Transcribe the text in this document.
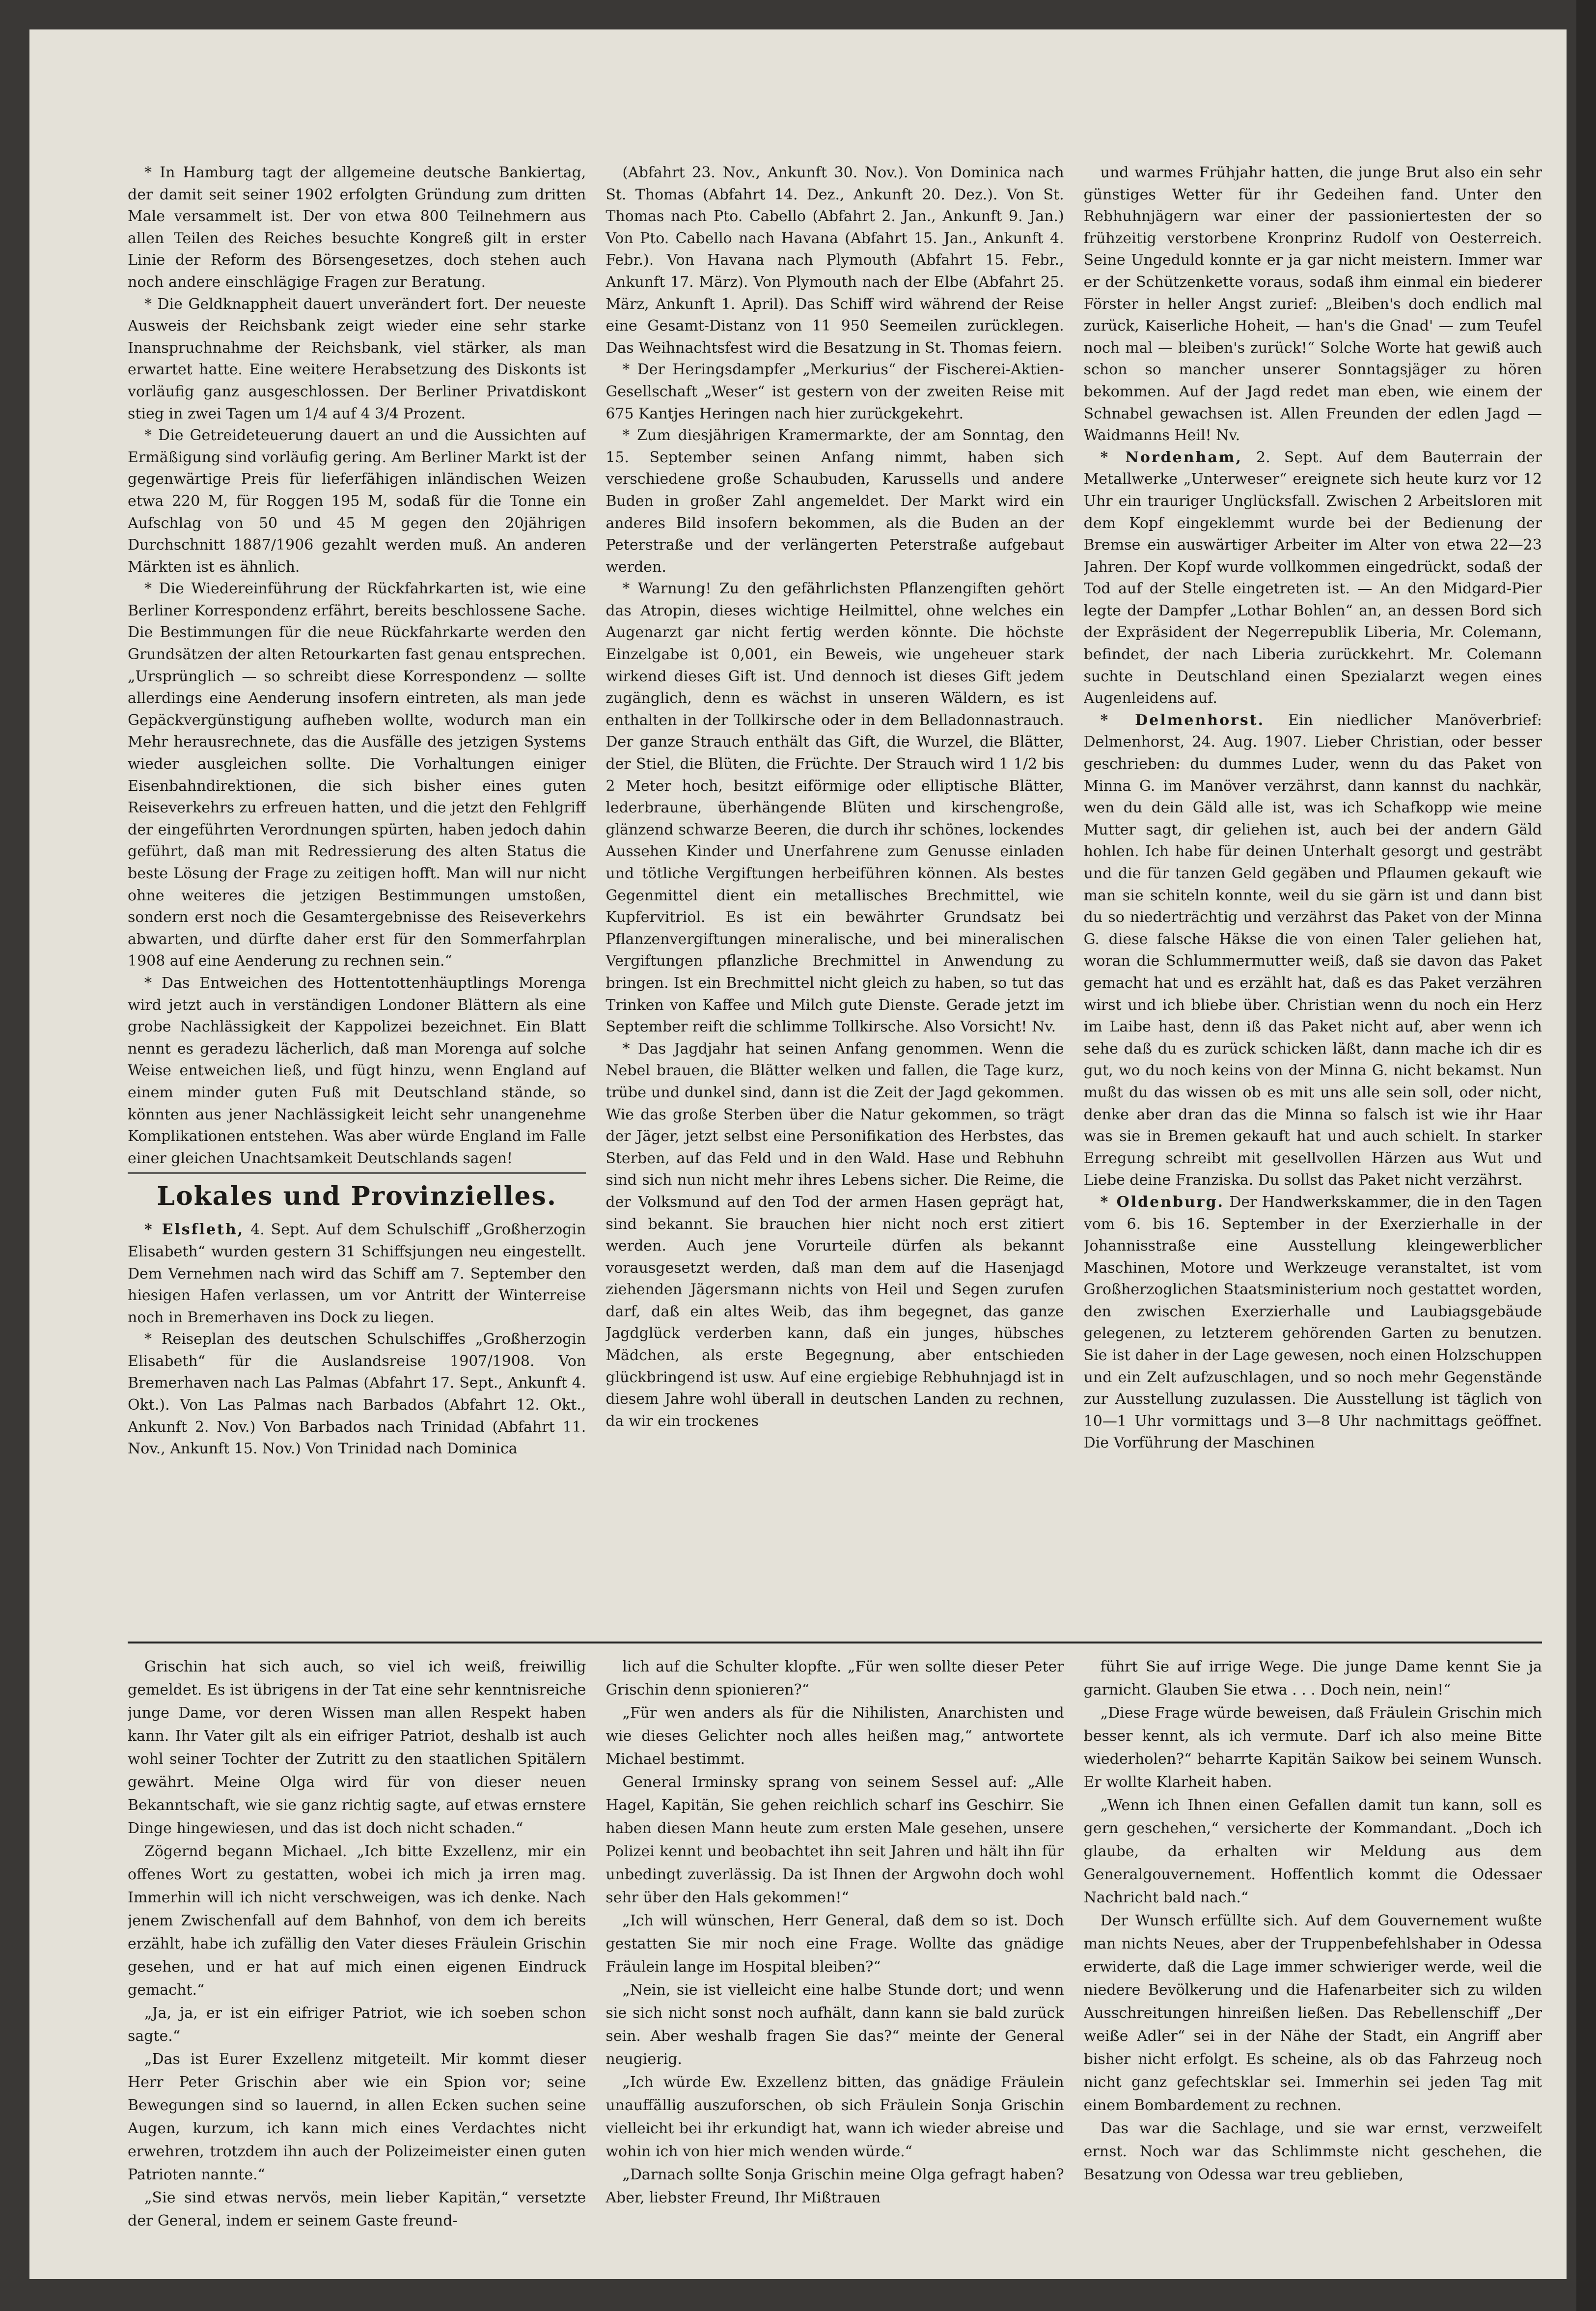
* In Hamburg tagt der allgemeine deutsche Bankiertag, der damit seit seiner 1902 erfolgten Gründung zum dritten Male versammelt ist. Der von etwa 800 Teilnehmern aus allen Teilen des Reiches besuchte Kongreß gilt in erster Linie der Reform des Börsengesetzes, doch stehen auch noch andere einschlägige Fragen zur Beratung.

* Die Geldknappheit dauert unverändert fort. Der neueste Ausweis der Reichsbank zeigt wieder eine sehr starke Inanspruchnahme der Reichsbank, viel stärker, als man erwartet hatte. Eine weitere Herabsetzung des Diskonts ist vorläufig ganz ausgeschlossen. Der Berliner Privatdiskont stieg in zwei Tagen um 1/4 auf 4 3/4 Prozent.

* Die Getreideteuerung dauert an und die Aussichten auf Ermäßigung sind vorläufig gering. Am Berliner Markt ist der gegenwärtige Preis für lieferfähigen inländischen Weizen etwa 220 M, für Roggen 195 M, sodaß für die Tonne ein Aufschlag von 50 und 45 M gegen den 20jährigen Durchschnitt 1887/1906 gezahlt werden muß. An anderen Märkten ist es ähnlich.

* Die Wiedereinführung der Rückfahrkarten ist, wie eine Berliner Korrespondenz erfährt, bereits beschlossene Sache. Die Bestimmungen für die neue Rückfahrkarte werden den Grundsätzen der alten Retourkarten fast genau entsprechen. „Ursprünglich — so schreibt diese Korrespondenz — sollte allerdings eine Aenderung insofern eintreten, als man jede Gepäckvergünstigung aufheben wollte, wodurch man ein Mehr herausrechnete, das die Ausfälle des jetzigen Systems wieder ausgleichen sollte. Die Vorhaltungen einiger Eisenbahndirektionen, die sich bisher eines guten Reiseverkehrs zu erfreuen hatten, und die jetzt den Fehlgriff der eingeführten Verordnungen spürten, haben jedoch dahin geführt, daß man mit Redressierung des alten Status die beste Lösung der Frage zu zeitigen hofft. Man will nur nicht ohne weiteres die jetzigen Bestimmungen umstoßen, sondern erst noch die Gesamtergebnisse des Reiseverkehrs abwarten, und dürfte daher erst für den Sommerfahrplan 1908 auf eine Aenderung zu rechnen sein.“

* Das Entweichen des Hottentottenhäuptlings Morenga wird jetzt auch in verständigen Londoner Blättern als eine grobe Nachlässigkeit der Kappolizei bezeichnet. Ein Blatt nennt es geradezu lächerlich, daß man Morenga auf solche Weise entweichen ließ, und fügt hinzu, wenn England auf einem minder guten Fuß mit Deutschland stände, so könnten aus jener Nachlässigkeit leicht sehr unangenehme Komplikationen entstehen. Was aber würde England im Falle einer gleichen Unachtsamkeit Deutschlands sagen!

Lokales und Provinzielles.

* Elsfleth, 4. Sept. Auf dem Schulschiff „Großherzogin Elisabeth“ wurden gestern 31 Schiffsjungen neu eingestellt. Dem Vernehmen nach wird das Schiff am 7. September den hiesigen Hafen verlassen, um vor Antritt der Winterreise noch in Bremerhaven ins Dock zu liegen.

* Reiseplan des deutschen Schulschiffes „Großherzogin Elisabeth“ für die Auslandsreise 1907/1908. Von Bremerhaven nach Las Palmas (Abfahrt 17. Sept., Ankunft 4. Okt.). Von Las Palmas nach Barbados (Abfahrt 12. Okt., Ankunft 2. Nov.) Von Barbados nach Trinidad (Abfahrt 11. Nov., Ankunft 15. Nov.) Von Trinidad nach Dominica

(Abfahrt 23. Nov., Ankunft 30. Nov.). Von Dominica nach St. Thomas (Abfahrt 14. Dez., Ankunft 20. Dez.). Von St. Thomas nach Pto. Cabello (Abfahrt 2. Jan., Ankunft 9. Jan.) Von Pto. Cabello nach Havana (Abfahrt 15. Jan., Ankunft 4. Febr.). Von Havana nach Plymouth (Abfahrt 15. Febr., Ankunft 17. März). Von Plymouth nach der Elbe (Abfahrt 25. März, Ankunft 1. April). Das Schiff wird während der Reise eine Gesamt-Distanz von 11 950 Seemeilen zurücklegen. Das Weihnachtsfest wird die Besatzung in St. Thomas feiern.

* Der Heringsdampfer „Merkurius“ der Fischerei-Aktien-Gesellschaft „Weser“ ist gestern von der zweiten Reise mit 675 Kantjes Heringen nach hier zurückgekehrt.

* Zum diesjährigen Kramermarkte, der am Sonntag, den 15. September seinen Anfang nimmt, haben sich verschiedene große Schaubuden, Karussells und andere Buden in großer Zahl angemeldet. Der Markt wird ein anderes Bild insofern bekommen, als die Buden an der Peterstraße und der verlängerten Peterstraße aufgebaut werden.

* Warnung! Zu den gefährlichsten Pflanzengiften gehört das Atropin, dieses wichtige Heilmittel, ohne welches ein Augenarzt gar nicht fertig werden könnte. Die höchste Einzelgabe ist 0,001, ein Beweis, wie ungeheuer stark wirkend dieses Gift ist. Und dennoch ist dieses Gift jedem zugänglich, denn es wächst in unseren Wäldern, es ist enthalten in der Tollkirsche oder in dem Belladonnastrauch. Der ganze Strauch enthält das Gift, die Wurzel, die Blätter, der Stiel, die Blüten, die Früchte. Der Strauch wird 1 1/2 bis 2 Meter hoch, besitzt eiförmige oder elliptische Blätter, lederbraune, überhängende Blüten und kirschengroße, glänzend schwarze Beeren, die durch ihr schönes, lockendes Aussehen Kinder und Unerfahrene zum Genusse einladen und tötliche Vergiftungen herbeiführen können. Als bestes Gegenmittel dient ein metallisches Brechmittel, wie Kupfervitriol. Es ist ein bewährter Grundsatz bei Pflanzenvergiftungen mineralische, und bei mineralischen Vergiftungen pflanzliche Brechmittel in Anwendung zu bringen. Ist ein Brechmittel nicht gleich zu haben, so tut das Trinken von Kaffee und Milch gute Dienste. Gerade jetzt im September reift die schlimme Tollkirsche. Also Vorsicht! Nv.

* Das Jagdjahr hat seinen Anfang genommen. Wenn die Nebel brauen, die Blätter welken und fallen, die Tage kurz, trübe und dunkel sind, dann ist die Zeit der Jagd gekommen. Wie das große Sterben über die Natur gekommen, so trägt der Jäger, jetzt selbst eine Personifikation des Herbstes, das Sterben, auf das Feld und in den Wald. Hase und Rebhuhn sind sich nun nicht mehr ihres Lebens sicher. Die Reime, die der Volksmund auf den Tod der armen Hasen geprägt hat, sind bekannt. Sie brauchen hier nicht noch erst zitiert werden. Auch jene Vorurteile dürfen als bekannt vorausgesetzt werden, daß man dem auf die Hasenjagd ziehenden Jägersmann nichts von Heil und Segen zurufen darf, daß ein altes Weib, das ihm begegnet, das ganze Jagdglück verderben kann, daß ein junges, hübsches Mädchen, als erste Begegnung, aber entschieden glückbringend ist usw. Auf eine ergiebige Rebhuhnjagd ist in diesem Jahre wohl überall in deutschen Landen zu rechnen, da wir ein trockenes

und warmes Frühjahr hatten, die junge Brut also ein sehr günstiges Wetter für ihr Gedeihen fand. Unter den Rebhuhnjägern war einer der passioniertesten der so frühzeitig verstorbene Kronprinz Rudolf von Oesterreich. Seine Ungeduld konnte er ja gar nicht meistern. Immer war er der Schützenkette voraus, sodaß ihm einmal ein biederer Förster in heller Angst zurief: „Bleiben's doch endlich mal zurück, Kaiserliche Hoheit, — han's die Gnad' — zum Teufel noch mal — bleiben's zurück!“ Solche Worte hat gewiß auch schon so mancher unserer Sonntagsjäger zu hören bekommen. Auf der Jagd redet man eben, wie einem der Schnabel gewachsen ist. Allen Freunden der edlen Jagd — Waidmanns Heil! Nv.

* Nordenham, 2. Sept. Auf dem Bauterrain der Metallwerke „Unterweser“ ereignete sich heute kurz vor 12 Uhr ein trauriger Unglücksfall. Zwischen 2 Arbeitsloren mit dem Kopf eingeklemmt wurde bei der Bedienung der Bremse ein auswärtiger Arbeiter im Alter von etwa 22—23 Jahren. Der Kopf wurde vollkommen eingedrückt, sodaß der Tod auf der Stelle eingetreten ist. — An den Midgard-Pier legte der Dampfer „Lothar Bohlen“ an, an dessen Bord sich der Expräsident der Negerrepublik Liberia, Mr. Colemann, befindet, der nach Liberia zurückkehrt. Mr. Colemann suchte in Deutschland einen Spezialarzt wegen eines Augenleidens auf.

* Delmenhorst. Ein niedlicher Manöverbrief: Delmenhorst, 24. Aug. 1907. Lieber Christian, oder besser geschrieben: du dummes Luder, wenn du das Paket von Minna G. im Manöver verzährst, dann kannst du nachkär, wen du dein Gäld alle ist, was ich Schafkopp wie meine Mutter sagt, dir geliehen ist, auch bei der andern Gäld hohlen. Ich habe für deinen Unterhalt gesorgt und gesträbt und die für tanzen Geld gegäben und Pflaumen gekauft wie man sie schiteln konnte, weil du sie gärn ist und dann bist du so niederträchtig und verzährst das Paket von der Minna G. diese falsche Häkse die von einen Taler geliehen hat, woran die Schlummermutter weiß, daß sie davon das Paket gemacht hat und es erzählt hat, daß es das Paket verzähren wirst und ich bliebe über. Christian wenn du noch ein Herz im Laibe hast, denn iß das Paket nicht auf, aber wenn ich sehe daß du es zurück schicken läßt, dann mache ich dir es gut, wo du noch keins von der Minna G. nicht bekamst. Nun mußt du das wissen ob es mit uns alle sein soll, oder nicht, denke aber dran das die Minna so falsch ist wie ihr Haar was sie in Bremen gekauft hat und auch schielt. In starker Erregung schreibt mit gesellvollen Härzen aus Wut und Liebe deine Franziska. Du sollst das Paket nicht verzährst.

* Oldenburg. Der Handwerkskammer, die in den Tagen vom 6. bis 16. September in der Exerzierhalle in der Johannisstraße eine Ausstellung kleingewerblicher Maschinen, Motore und Werkzeuge veranstaltet, ist vom Großherzoglichen Staatsministerium noch gestattet worden, den zwischen Exerzierhalle und Laubiagsgebäude gelegenen, zu letzterem gehörenden Garten zu benutzen. Sie ist daher in der Lage gewesen, noch einen Holzschuppen und ein Zelt aufzuschlagen, und so noch mehr Gegenstände zur Ausstellung zuzulassen. Die Ausstellung ist täglich von 10—1 Uhr vormittags und 3—8 Uhr nachmittags geöffnet. Die Vorführung der Maschinen

Grischin hat sich auch, so viel ich weiß, freiwillig gemeldet. Es ist übrigens in der Tat eine sehr kenntnisreiche junge Dame, vor deren Wissen man allen Respekt haben kann. Ihr Vater gilt als ein eifriger Patriot, deshalb ist auch wohl seiner Tochter der Zutritt zu den staatlichen Spitälern gewährt. Meine Olga wird für von dieser neuen Bekanntschaft, wie sie ganz richtig sagte, auf etwas ernstere Dinge hingewiesen, und das ist doch nicht schaden.“

Zögernd begann Michael. „Ich bitte Exzellenz, mir ein offenes Wort zu gestatten, wobei ich mich ja irren mag. Immerhin will ich nicht verschweigen, was ich denke. Nach jenem Zwischenfall auf dem Bahnhof, von dem ich bereits erzählt, habe ich zufällig den Vater dieses Fräulein Grischin gesehen, und er hat auf mich einen eigenen Eindruck gemacht.“

„Ja, ja, er ist ein eifriger Patriot, wie ich soeben schon sagte.“

„Das ist Eurer Exzellenz mitgeteilt. Mir kommt dieser Herr Peter Grischin aber wie ein Spion vor; seine Bewegungen sind so lauernd, in allen Ecken suchen seine Augen, kurzum, ich kann mich eines Verdachtes nicht erwehren, trotzdem ihn auch der Polizeimeister einen guten Patrioten nannte.“

„Sie sind etwas nervös, mein lieber Kapitän,“ versetzte der General, indem er seinem Gaste freund-

lich auf die Schulter klopfte. „Für wen sollte dieser Peter Grischin denn spionieren?“

„Für wen anders als für die Nihilisten, Anarchisten und wie dieses Gelichter noch alles heißen mag,“ antwortete Michael bestimmt.

General Irminsky sprang von seinem Sessel auf: „Alle Hagel, Kapitän, Sie gehen reichlich scharf ins Geschirr. Sie haben diesen Mann heute zum ersten Male gesehen, unsere Polizei kennt und beobachtet ihn seit Jahren und hält ihn für unbedingt zuverlässig. Da ist Ihnen der Argwohn doch wohl sehr über den Hals gekommen!“

„Ich will wünschen, Herr General, daß dem so ist. Doch gestatten Sie mir noch eine Frage. Wollte das gnädige Fräulein lange im Hospital bleiben?“

„Nein, sie ist vielleicht eine halbe Stunde dort; und wenn sie sich nicht sonst noch aufhält, dann kann sie bald zurück sein. Aber weshalb fragen Sie das?“ meinte der General neugierig.

„Ich würde Ew. Exzellenz bitten, das gnädige Fräulein unauffällig auszuforschen, ob sich Fräulein Sonja Grischin vielleicht bei ihr erkundigt hat, wann ich wieder abreise und wohin ich von hier mich wenden würde.“

„Darnach sollte Sonja Grischin meine Olga gefragt haben? Aber, liebster Freund, Ihr Mißtrauen

führt Sie auf irrige Wege. Die junge Dame kennt Sie ja garnicht. Glauben Sie etwa . . . Doch nein, nein!“

„Diese Frage würde beweisen, daß Fräulein Grischin mich besser kennt, als ich vermute. Darf ich also meine Bitte wiederholen?“ beharrte Kapitän Saikow bei seinem Wunsch. Er wollte Klarheit haben.

„Wenn ich Ihnen einen Gefallen damit tun kann, soll es gern geschehen,“ versicherte der Kommandant. „Doch ich glaube, da erhalten wir Meldung aus dem Generalgouvernement. Hoffentlich kommt die Odessaer Nachricht bald nach.“

Der Wunsch erfüllte sich. Auf dem Gouvernement wußte man nichts Neues, aber der Truppenbefehlshaber in Odessa erwiderte, daß die Lage immer schwieriger werde, weil die niedere Bevölkerung und die Hafenarbeiter sich zu wilden Ausschreitungen hinreißen ließen. Das Rebellenschiff „Der weiße Adler“ sei in der Nähe der Stadt, ein Angriff aber bisher nicht erfolgt. Es scheine, als ob das Fahrzeug noch nicht ganz gefechtsklar sei. Immerhin sei jeden Tag mit einem Bombardement zu rechnen.

Das war die Sachlage, und sie war ernst, verzweifelt ernst. Noch war das Schlimmste nicht geschehen, die Besatzung von Odessa war treu geblieben,
